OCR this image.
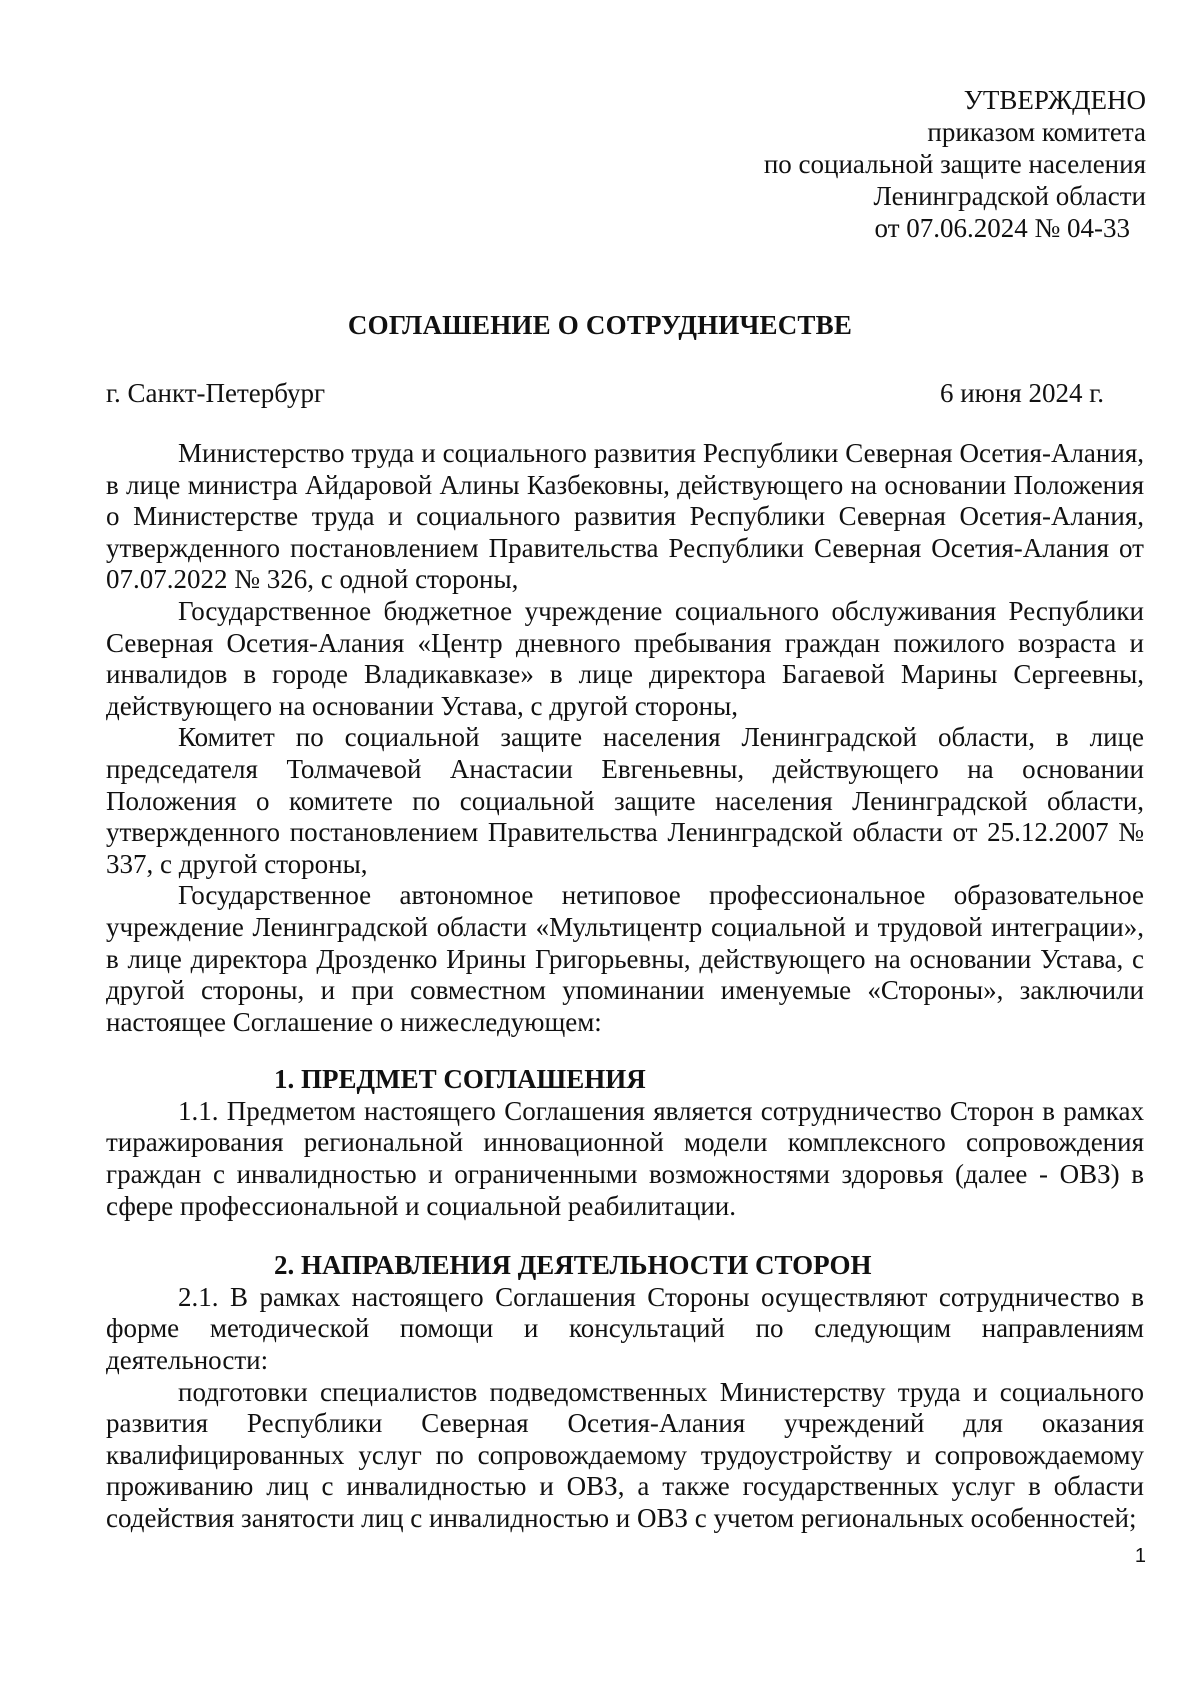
УТВЕРЖДЕНО
приказом комитета
по социальной защите населения
Ленинградской области
от 07.06.2024 № 04-33
СОГЛАШЕНИЕ О СОТРУДНИЧЕСТВЕ
г. Санкт-Петербург	6 июня 2024 г.

Министерство труда и социального развития Республики Северная Осетия-Алания, в лице министра Айдаровой Алины Казбековны, действующего на основании Положения о Министерстве труда и социального развития Республики Северная Осетия-Алания, утвержденного постановлением Правительства Республики Северная Осетия-Алания от 07.07.2022 № 326, с одной стороны,

Государственное бюджетное учреждение социального обслуживания Республики Северная Осетия-Алания «Центр дневного пребывания граждан пожилого возраста и инвалидов в городе Владикавказе» в лице директора Багаевой Марины Сергеевны, действующего на основании Устава, с другой стороны,

Комитет по социальной защите населения Ленинградской области, в лице председателя Толмачевой Анастасии Евгеньевны, действующего на основании Положения о комитете по социальной защите населения Ленинградской области, утвержденного постановлением Правительства Ленинградской области от 25.12.2007 № 337, с другой стороны,

Государственное автономное нетиповое профессиональное образовательное учреждение Ленинградской области «Мультицентр социальной и трудовой интеграции», в лице директора Дрозденко Ирины Григорьевны, действующего на основании Устава, с другой стороны, и при совместном упоминании именуемые «Стороны», заключили настоящее Соглашение о нижеследующем:

1. ПРЕДМЕТ СОГЛАШЕНИЯ

1.1. Предметом настоящего Соглашения является сотрудничество Сторон в рамках тиражирования региональной инновационной модели комплексного сопровождения граждан с инвалидностью и ограниченными возможностями здоровья (далее - ОВЗ) в сфере профессиональной и социальной реабилитации.

2. НАПРАВЛЕНИЯ ДЕЯТЕЛЬНОСТИ СТОРОН

2.1. В рамках настоящего Соглашения Стороны осуществляют сотрудничество в форме методической помощи и консультаций по следующим направлениям деятельности:

подготовки специалистов подведомственных Министерству труда и социального развития Республики Северная Осетия-Алания учреждений для оказания квалифицированных услуг по сопровождаемому трудоустройству и сопровождаемому проживанию лиц с инвалидностью и ОВЗ, а также государственных услуг в области содействия занятости лиц с инвалидностью и ОВЗ с учетом региональных особенностей;

1
